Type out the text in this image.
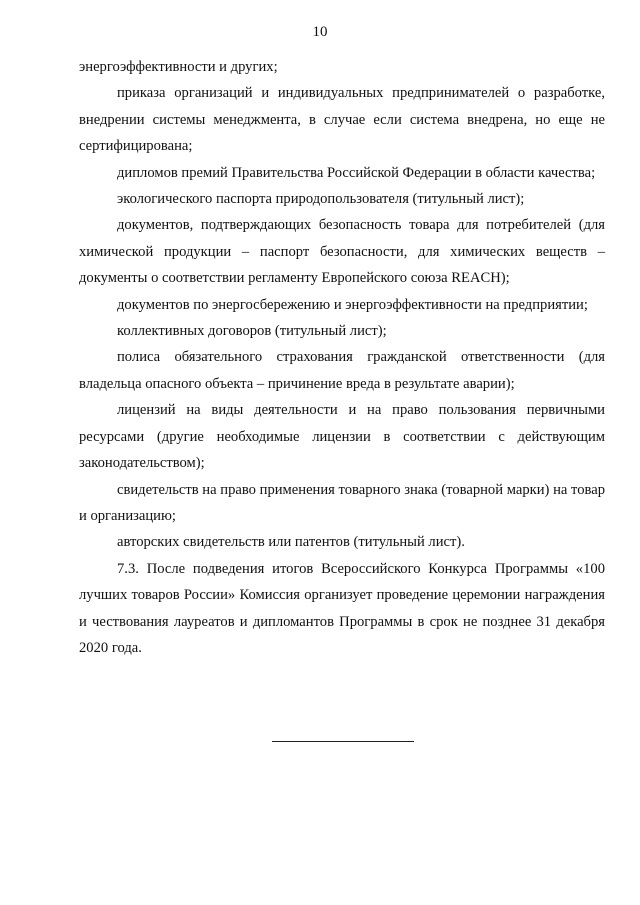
10

энергоэффективности и других;

приказа организаций и индивидуальных предпринимателей о разработке, внедрении системы менеджмента, в случае если система внедрена, но еще не сертифицирована;

дипломов премий Правительства Российской Федерации в области качества;

экологического паспорта природопользователя (титульный лист);

документов, подтверждающих безопасность товара для потребителей (для химической продукции – паспорт безопасности, для химических веществ – документы о соответствии регламенту Европейского союза REACH);

документов по энергосбережению и энергоэффективности на предприятии;

коллективных договоров (титульный лист);

полиса обязательного страхования гражданской ответственности (для владельца опасного объекта – причинение вреда в результате аварии);

лицензий на виды деятельности и на право пользования первичными ресурсами (другие необходимые лицензии в соответствии с действующим законодательством);

свидетельств на право применения товарного знака (товарной марки) на товар и организацию;

авторских свидетельств или патентов (титульный лист).

7.3. После подведения итогов Всероссийского Конкурса Программы «100 лучших товаров России» Комиссия организует проведение церемонии награждения и чествования лауреатов и дипломантов Программы в срок не позднее 31 декабря 2020 года.
